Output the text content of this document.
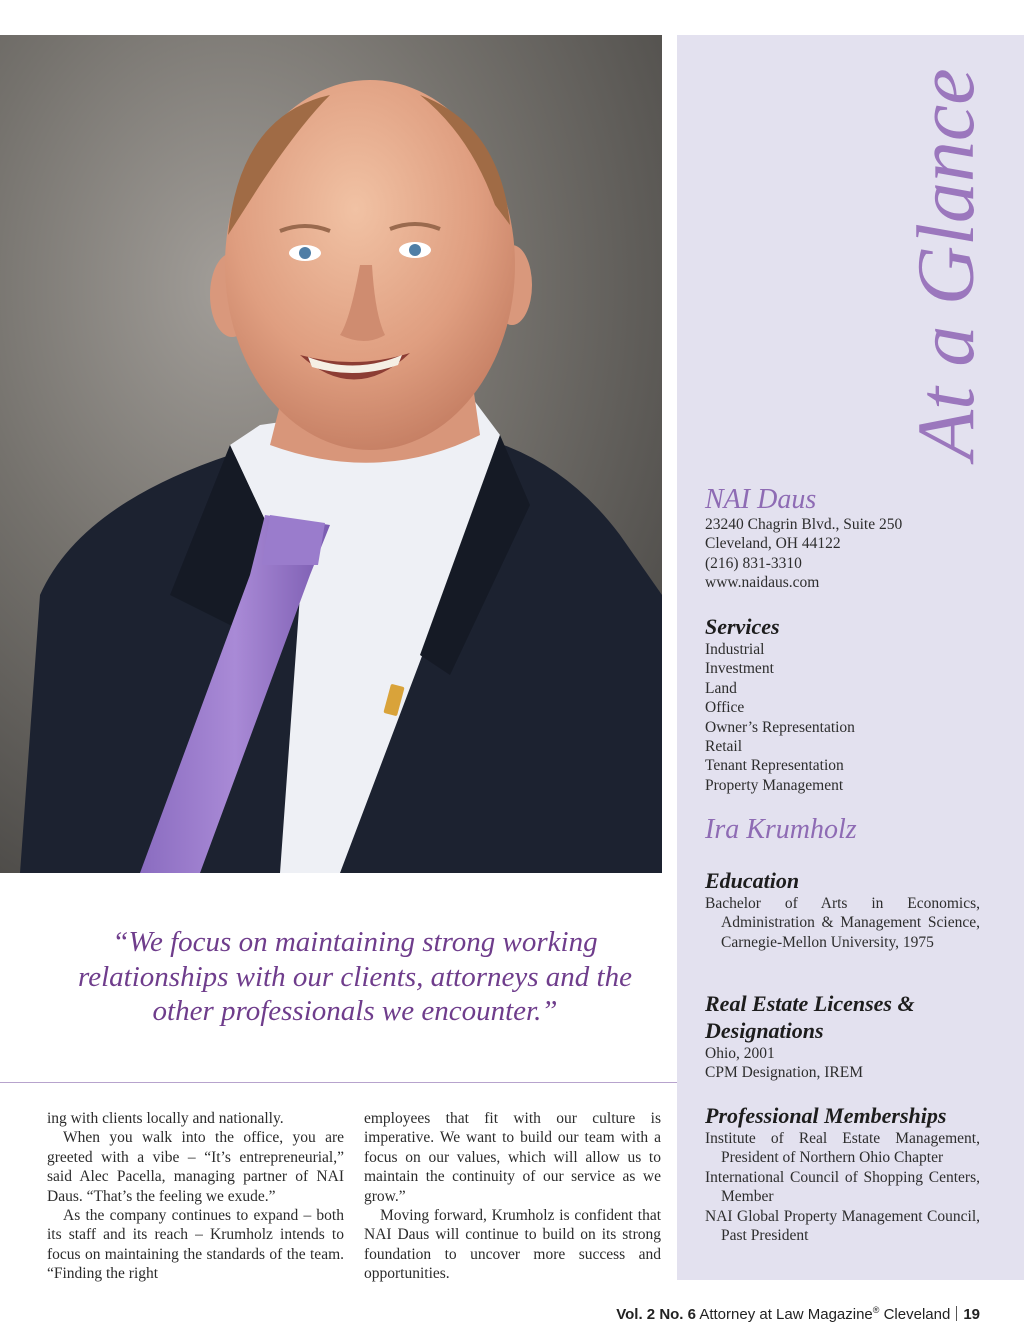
At a Glance
NAI Daus
23240 Chagrin Blvd., Suite 250
Cleveland, OH 44122
(216) 831-3310
www.naidaus.com
Services
Industrial
Investment
Land
Office
Owner’s Representation
Retail
Tenant Representation
Property Management
Ira Krumholz
Education
Bachelor of Arts in Economics, Administration & Management Science, Carnegie-Mellon University, 1975
Real Estate Licenses &
Designations
Ohio, 2001
CPM Designation, IREM
Professional Memberships
Institute of Real Estate Management, President of Northern Ohio Chapter
International Council of Shopping Centers, Member
NAI Global Property Management Council, Past President
“We focus on maintaining strong working
relationships with our clients, attorneys and the
other professionals we encounter.”

ing with clients locally and nationally.

When you walk into the office, you are greeted with a vibe – “It’s entrepreneurial,” said Alec Pacella, managing partner of NAI Daus. “That’s the feeling we exude.”

As the company continues to expand – both its staff and its reach – Krumholz intends to focus on maintaining the standards of the team. “Finding the right

employees that fit with our culture is imperative. We want to build our team with a focus on our values, which will allow us to maintain the continuity of our service as we grow.”

Moving forward, Krumholz is confident that NAI Daus will continue to build on its strong foundation to uncover more success and opportunities.

Vol. 2 No. 6 Attorney at Law Magazine® Cleveland 19
